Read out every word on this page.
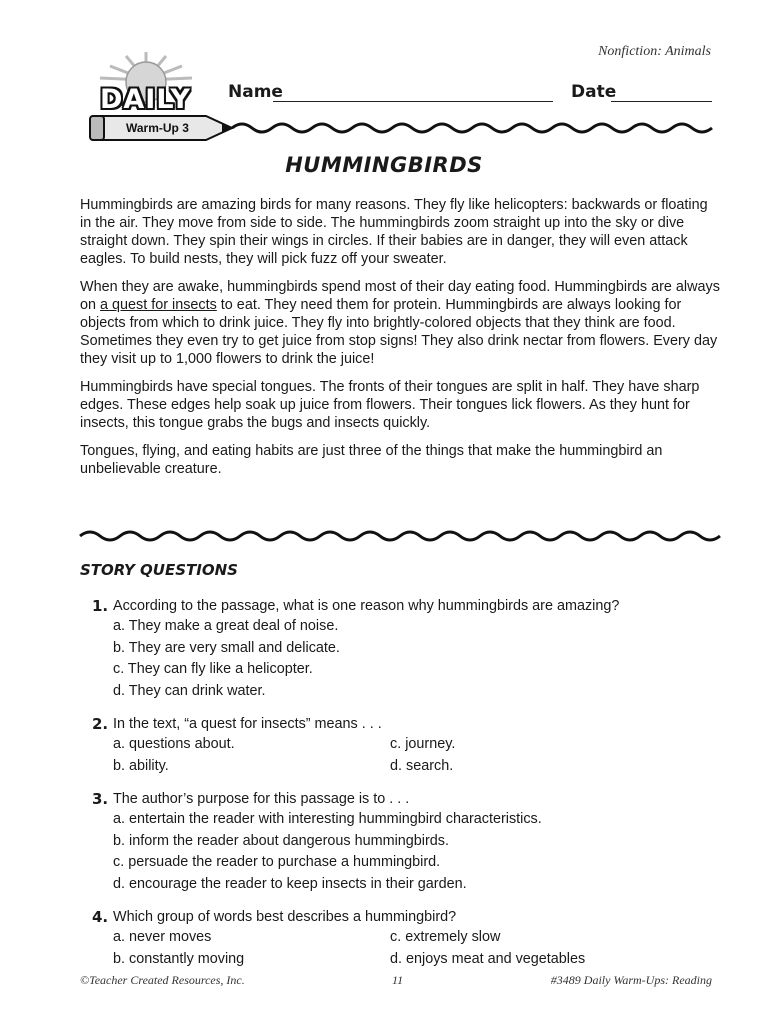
Nonfiction: Animals
DAILY
Warm-Up 3
Name	Date
HUMMINGBIRDS

Hummingbirds are amazing birds for many reasons. They fly like helicopters: backwards or floating in the air. They move from side to side. The hummingbirds zoom straight up into the sky or dive straight down. They spin their wings in circles. If their babies are in danger, they will even attack eagles. To build nests, they will pick fuzz off your sweater.

When they are awake, hummingbirds spend most of their day eating food. Hummingbirds are always on a quest for insects to eat. They need them for protein. Hummingbirds are always looking for objects from which to drink juice. They fly into brightly-colored objects that they think are food. Sometimes they even try to get juice from stop signs! They also drink nectar from flowers. Every day they visit up to 1,000 flowers to drink the juice!

Hummingbirds have special tongues. The fronts of their tongues are split in half. They have sharp edges. These edges help soak up juice from flowers. Their tongues lick flowers. As they hunt for insects, this tongue grabs the bugs and insects quickly.

Tongues, flying, and eating habits are just three of the things that make the hummingbird an unbelievable creature.

STORY QUESTIONS
1. According to the passage, what is one reason why hummingbirds are amazing?
a. They make a great deal of noise.
b. They are very small and delicate.
c. They can fly like a helicopter.
d. They can drink water.
2. In the text, “a quest for insects” means . . .
a. questions about.	c. journey.
b. ability.	d. search.
3. The author’s purpose for this passage is to . . .
a. entertain the reader with interesting hummingbird characteristics.
b. inform the reader about dangerous hummingbirds.
c. persuade the reader to purchase a hummingbird.
d. encourage the reader to keep insects in their garden.
4. Which group of words best describes a hummingbird?
a. never moves	c. extremely slow
b. constantly moving	d. enjoys meat and vegetables
©Teacher Created Resources, Inc.	11	#3489 Daily Warm-Ups: Reading
